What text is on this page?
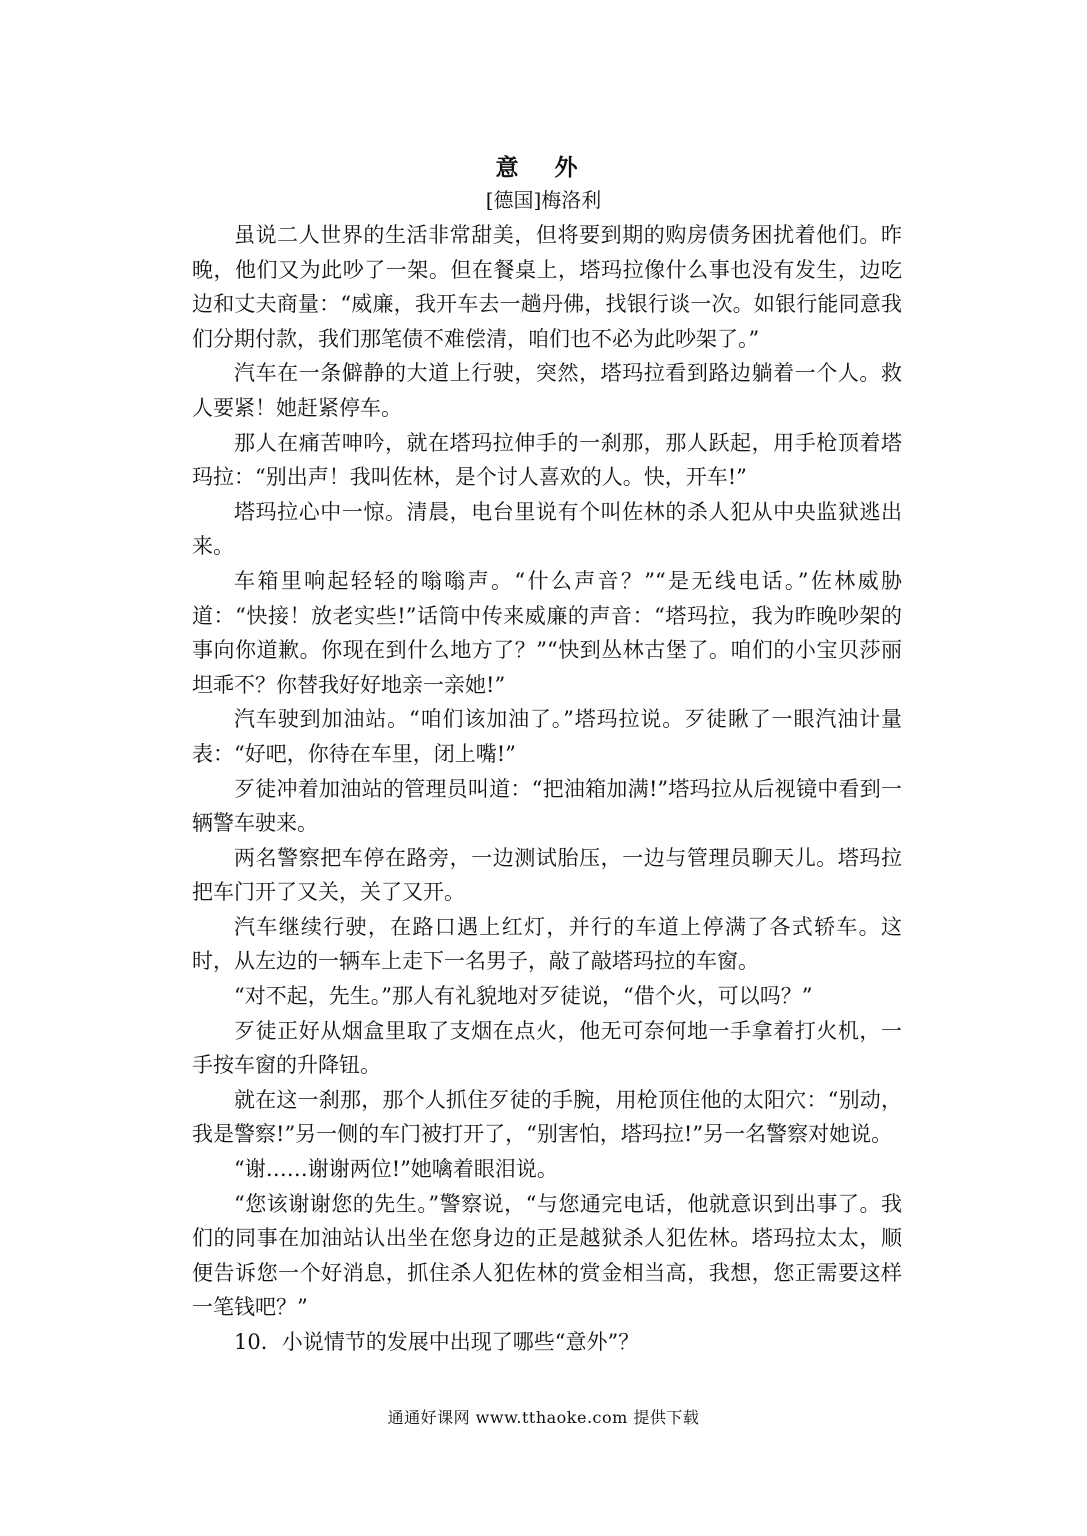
意 外
[德国]梅洛利

虽说二人世界的生活非常甜美，但将要到期的购房债务困扰着他们。昨晚，他们又为此吵了一架。但在餐桌上，塔玛拉像什么事也没有发生，边吃边和丈夫商量：“威廉，我开车去一趟丹佛，找银行谈一次。如银行能同意我们分期付款，我们那笔债不难偿清，咱们也不必为此吵架了。”

汽车在一条僻静的大道上行驶，突然，塔玛拉看到路边躺着一个人。救人要紧！她赶紧停车。

那人在痛苦呻吟，就在塔玛拉伸手的一刹那，那人跃起，用手枪顶着塔玛拉：“别出声！我叫佐林，是个讨人喜欢的人。快，开车!”

塔玛拉心中一惊。清晨，电台里说有个叫佐林的杀人犯从中央监狱逃出来。

车箱里响起轻轻的嗡嗡声。“什么声音？”“是无线电话。”佐林威胁道：“快接！放老实些!”话筒中传来威廉的声音：“塔玛拉，我为昨晚吵架的事向你道歉。你现在到什么地方了？”“快到丛林古堡了。咱们的小宝贝莎丽坦乖不？你替我好好地亲一亲她!”

汽车驶到加油站。“咱们该加油了。”塔玛拉说。歹徒瞅了一眼汽油计量表：“好吧，你待在车里，闭上嘴!”

歹徒冲着加油站的管理员叫道：“把油箱加满!”塔玛拉从后视镜中看到一辆警车驶来。

两名警察把车停在路旁，一边测试胎压，一边与管理员聊天儿。塔玛拉把车门开了又关，关了又开。

汽车继续行驶，在路口遇上红灯，并行的车道上停满了各式轿车。这时，从左边的一辆车上走下一名男子，敲了敲塔玛拉的车窗。

“对不起，先生。”那人有礼貌地对歹徒说，“借个火，可以吗？”

歹徒正好从烟盒里取了支烟在点火，他无可奈何地一手拿着打火机，一手按车窗的升降钮。

就在这一刹那，那个人抓住歹徒的手腕，用枪顶住他的太阳穴：“别动，我是警察!”另一侧的车门被打开了，“别害怕，塔玛拉!”另一名警察对她说。

“谢……谢谢两位!”她噙着眼泪说。

“您该谢谢您的先生。”警察说，“与您通完电话，他就意识到出事了。我们的同事在加油站认出坐在您身边的正是越狱杀人犯佐林。塔玛拉太太，顺便告诉您一个好消息，抓住杀人犯佐林的赏金相当高，我想，您正需要这样一笔钱吧？”

10．小说情节的发展中出现了哪些“意外”？

通通好课网 www.tthaoke.com 提供下载
